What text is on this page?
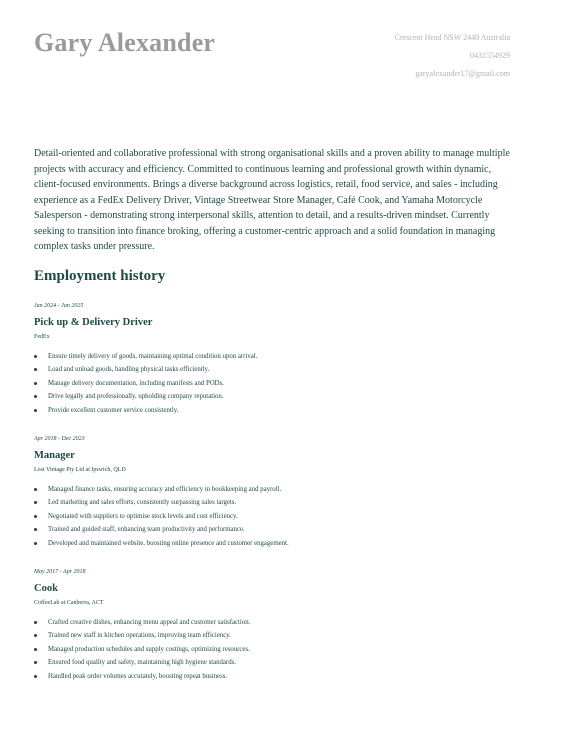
Gary Alexander	Crescent Head NSW 2440 Australia
0431554929
garyalexander17@gmail.com
Detail-oriented and collaborative professional with strong organisational skills and a proven ability to manage multiple projects with accuracy and efficiency. Committed to continuous learning and professional growth within dynamic, client-focused environments. Brings a diverse background across logistics, retail, food service, and sales - including experience as a FedEx Delivery Driver, Vintage Streetwear Store Manager, Café Cook, and Yamaha Motorcycle Salesperson - demonstrating strong interpersonal skills, attention to detail, and a results-driven mindset. Currently seeking to transition into finance broking, offering a customer-centric approach and a solid foundation in managing complex tasks under pressure.
Employment history
Jan 2024 - Jan 2025
Pick up & Delivery Driver
FedEx
Ensure timely delivery of goods, maintaining optimal condition upon arrival.
Load and unload goods, handling physical tasks efficiently.
Manage delivery documentation, including manifests and PODs.
Drive legally and professionally, upholding company reputation.
Provide excellent customer service consistently.
Apr 2018 - Dec 2023
Manager
Lost Vintage Pty Ltd at Ipswich, QLD
Managed finance tasks, ensuring accuracy and efficiency in bookkeeping and payroll.
Led marketing and sales efforts, consistently surpassing sales targets.
Negotiated with suppliers to optimise stock levels and cost efficiency.
Trained and guided staff, enhancing team productivity and performance.
Developed and maintained website, boosting online presence and customer engagement.
May 2017 - Apr 2018
Cook
CoffeeLab at Canberra, ACT
Crafted creative dishes, enhancing menu appeal and customer satisfaction.
Trained new staff in kitchen operations, improving team efficiency.
Managed production schedules and supply costings, optimizing resources.
Ensured food quality and safety, maintaining high hygiene standards.
Handled peak order volumes accurately, boosting repeat business.
